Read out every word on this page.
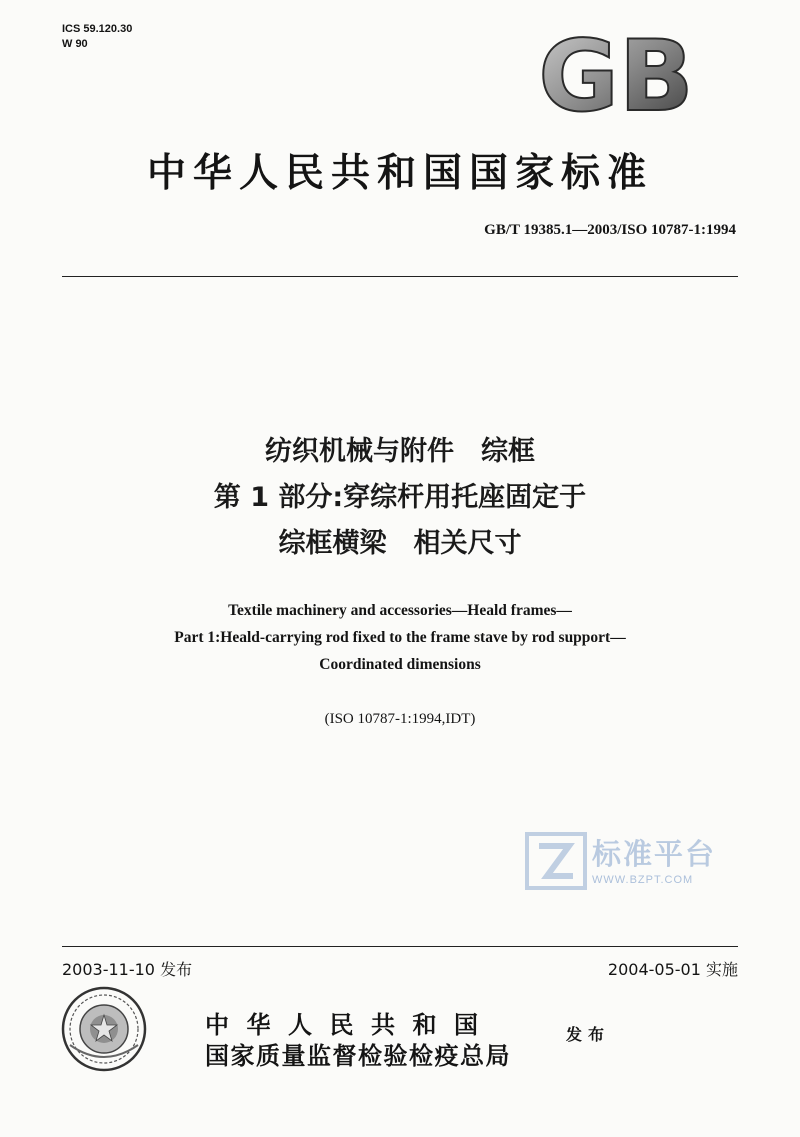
ICS 59.120.30
W 90	GB
中华人民共和国国家标准
GB/T 19385.1—2003/ISO 10787-1:1994
纺织机械与附件　综框
第 1 部分:穿综杆用托座固定于
综框横梁　相关尺寸
Textile machinery and accessories—Heald frames—
Part 1:Heald-carrying rod fixed to the frame stave by rod support—
Coordinated dimensions
(ISO 10787-1:1994,IDT)
标准平台
WWW.BZPT.COM
2003-11-10 发布	2004-05-01 实施
中华人民共和国
国家质量监督检验检疫总局
发布
